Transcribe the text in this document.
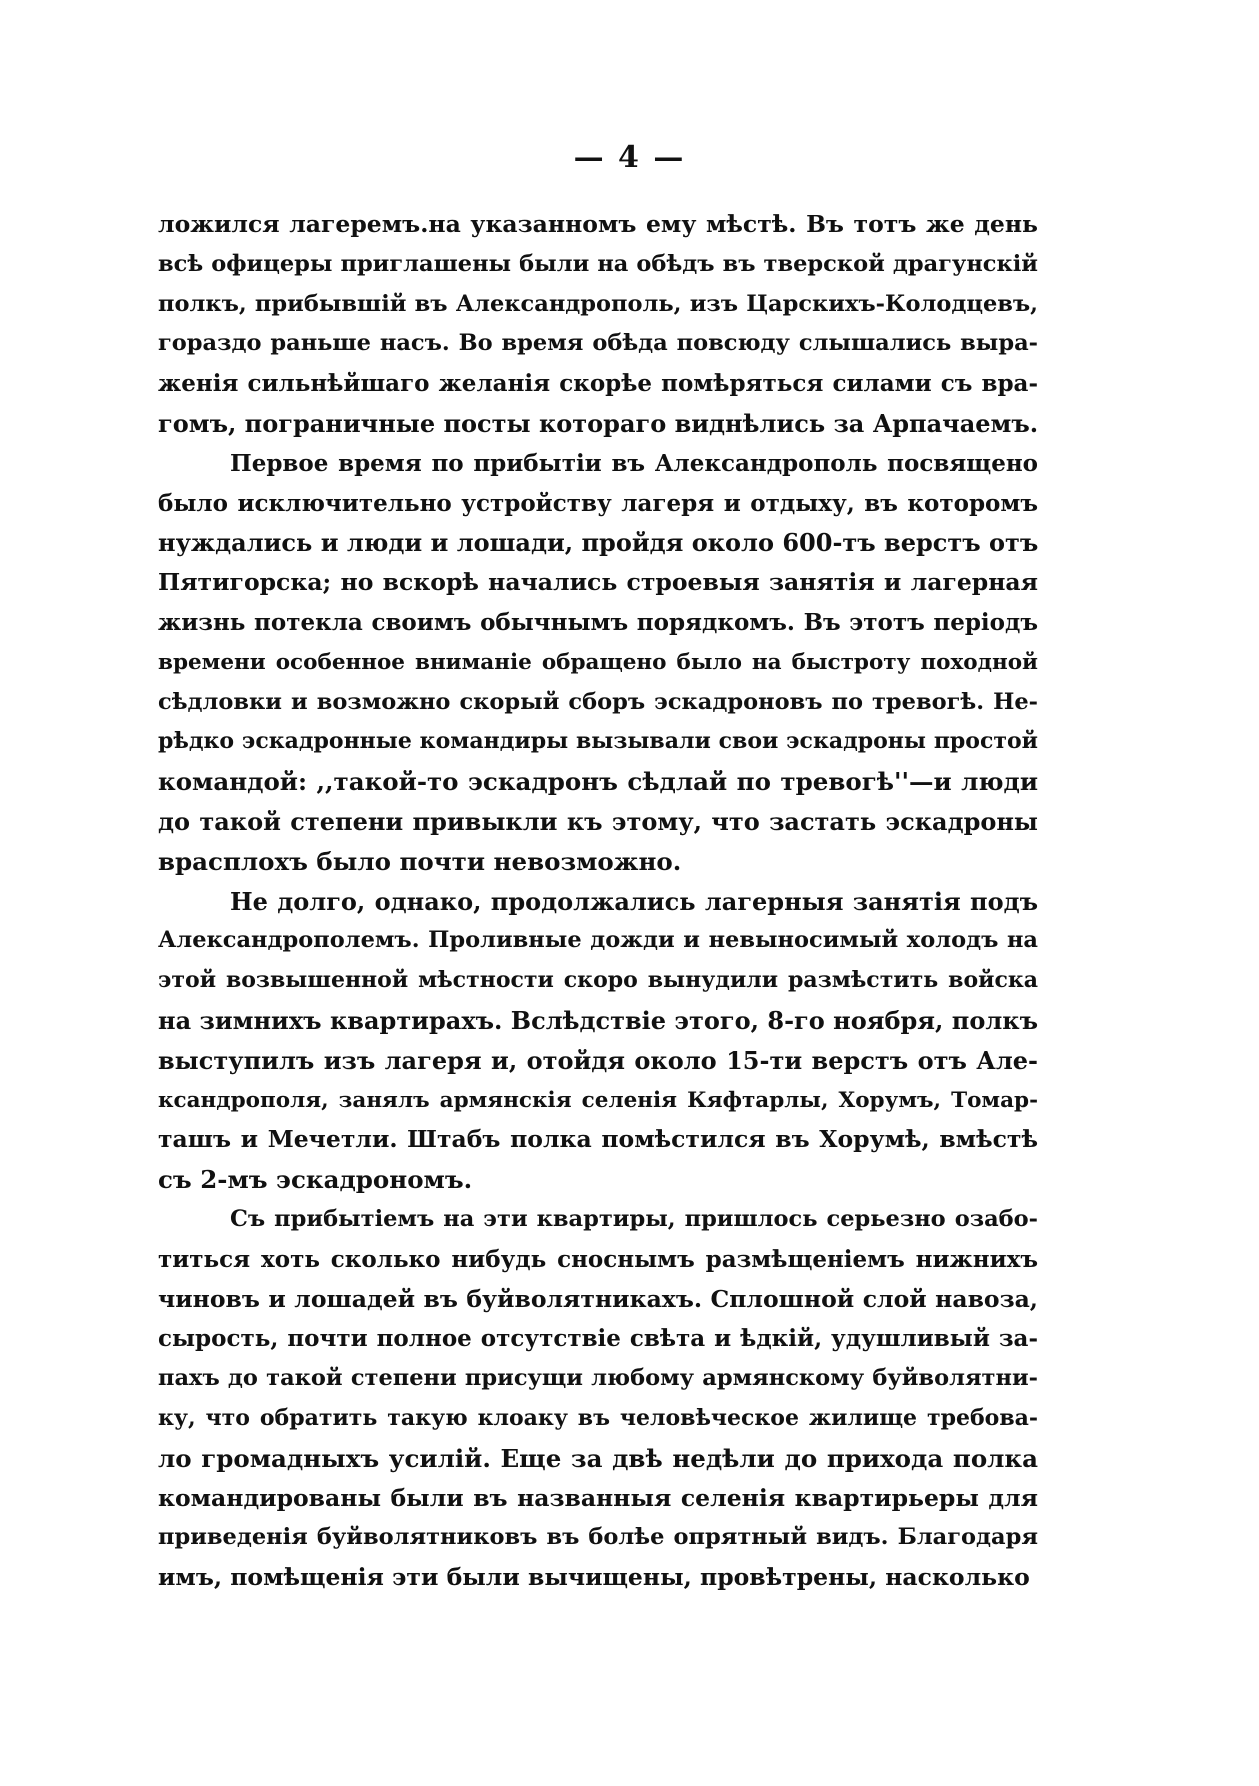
— 4 —
ложился лагеремъ.на указанномъ ему мѣстѣ. Въ тотъ же день
всѣ офицеры приглашены были на обѣдъ въ тверской драгунскій
полкъ, прибывшій въ Александрополь, изъ Царскихъ-Колодцевъ,
гораздо раньше насъ. Во время обѣда повсюду слышались выра-
женія сильнѣйшаго желанія скорѣе помѣряться силами съ вра-
гомъ, пограничные посты котораго виднѣлись за Арпачаемъ.
Первое время по прибытіи въ Александрополь посвящено
было исключительно устройству лагеря и отдыху, въ которомъ
нуждались и люди и лошади, пройдя около 600-тъ верстъ отъ
Пятигорска; но вскорѣ начались строевыя занятія и лагерная
жизнь потекла своимъ обычнымъ порядкомъ. Въ этотъ періодъ
времени особенное вниманіе обращено было на быстроту походной
сѣдловки и возможно скорый сборъ эскадроновъ по тревогѣ. Не-
рѣдко эскадронные командиры вызывали свои эскадроны простой
командой: ,,такой-то эскадронъ сѣдлай по тревогѣ''—и люди
до такой степени привыкли къ этому, что застать эскадроны
врасплохъ было почти невозможно.
Не долго, однако, продолжались лагерныя занятія подъ
Александрополемъ. Проливные дожди и невыносимый холодъ на
этой возвышенной мѣстности скоро вынудили размѣстить войска
на зимнихъ квартирахъ. Вслѣдствіе этого, 8-го ноября, полкъ
выступилъ изъ лагеря и, отойдя около 15-ти верстъ отъ Але-
ксандрополя, занялъ армянскія селенія Кяфтарлы, Хорумъ, Томар-
ташъ и Мечетли. Штабъ полка помѣстился въ Хорумѣ, вмѣстѣ
съ 2-мъ эскадрономъ.
Съ прибытіемъ на эти квартиры, пришлось серьезно озабо-
титься хоть сколько нибудь сноснымъ размѣщеніемъ нижнихъ
чиновъ и лошадей въ буйволятникахъ. Сплошной слой навоза,
сырость, почти полное отсутствіе свѣта и ѣдкій, удушливый за-
пахъ до такой степени присущи любому армянскому буйволятни-
ку, что обратить такую клоаку въ человѣческое жилище требова-
ло громадныхъ усилій. Еще за двѣ недѣли до прихода полка
командированы были въ названныя селенія квартирьеры для
приведенія буйволятниковъ въ болѣе опрятный видъ. Благодаря
имъ, помѣщенія эти были вычищены, провѣтрены, насколько
